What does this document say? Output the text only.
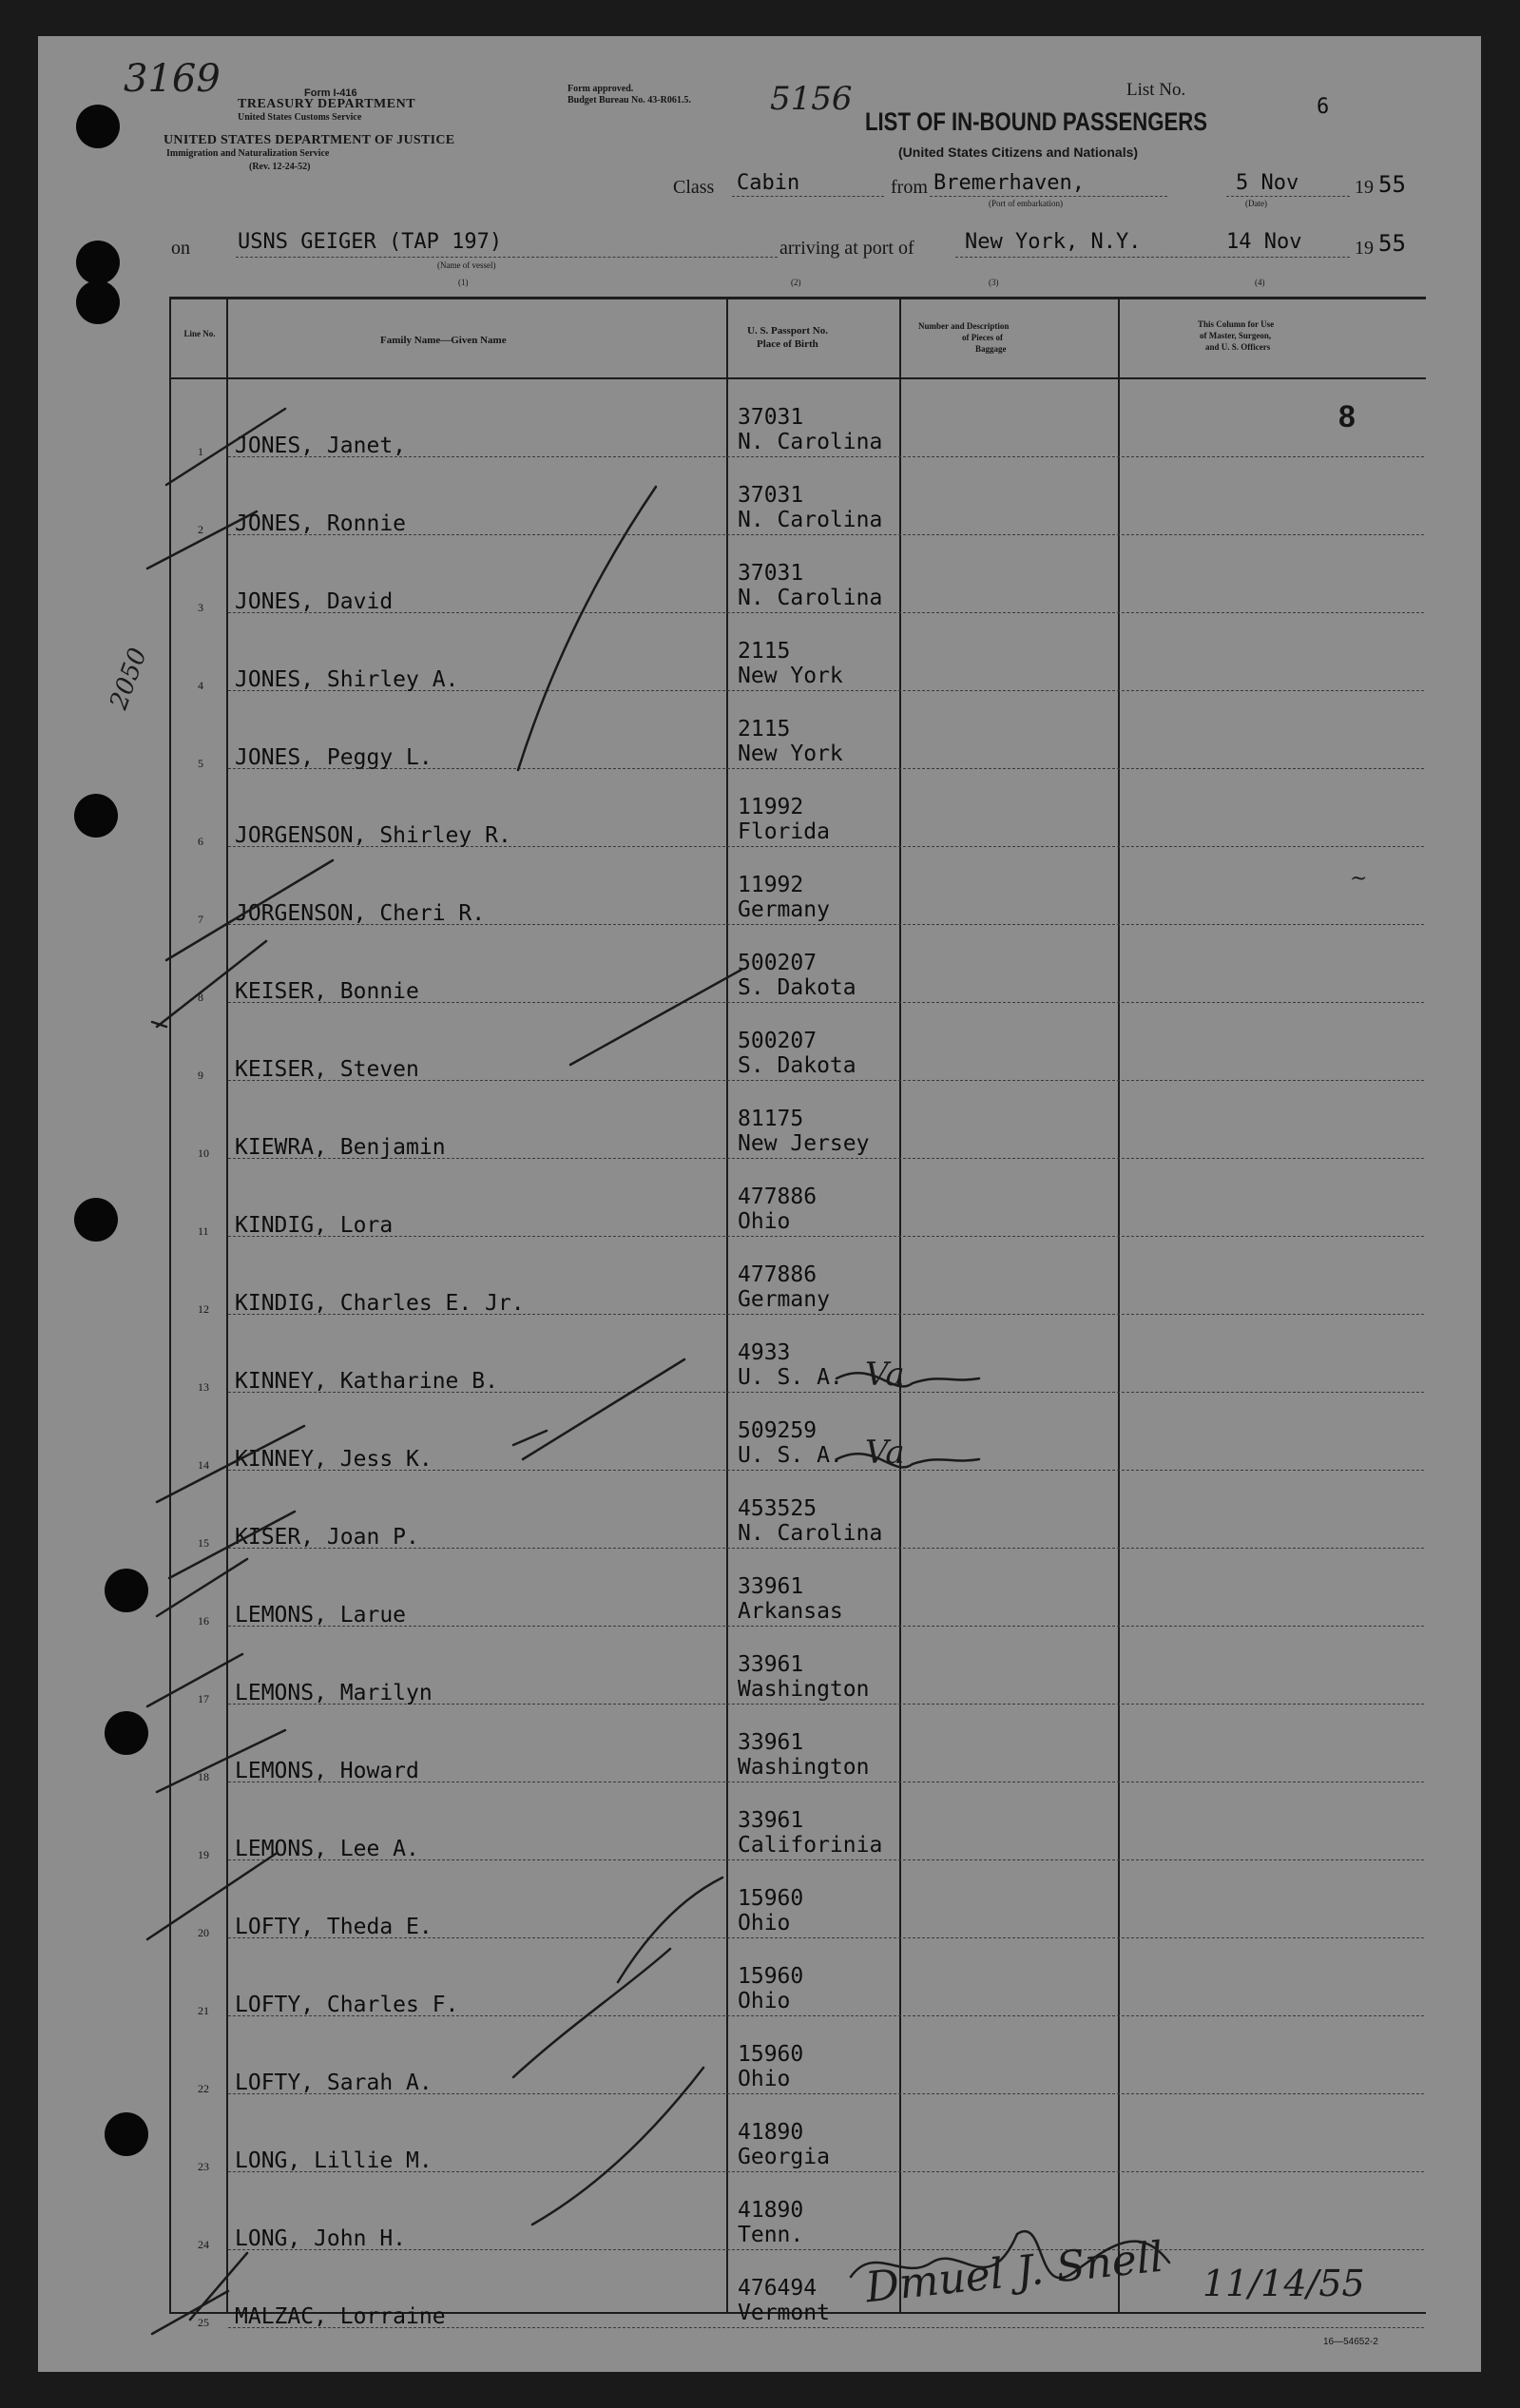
Form I-416
TREASURY DEPARTMENT
United States Customs Service
UNITED STATES DEPARTMENT OF JUSTICE
Immigration and Naturalization Service
(Rev. 12-24-52)
Form approved.
Budget Bureau No. 43-R061.5.
3169	5156
2050
~
List No.
6
LIST OF IN-BOUND PASSENGERS
(United States Citizens and Nationals)
Class Cabin	from Bremerhaven,
(Port of embarkation)
5 Nov
(Date)
19 55
on USNS GEIGER (TAP 197)
(Name of vessel)
arriving at port of New York, N.Y.	14 Nov	19 55
(1)	(2)	(3)	(4)
Line No.
Family Name—Given Name
U. S. Passport No.
Place of Birth
Number and Description
of Pieces of
Baggage
This Column for Use
of Master, Surgeon,
and U. S. Officers
8
1 JONES, Janet,
37031
N. Carolina
2 JONES, Ronnie
37031
N. Carolina
3 JONES, David
37031
N. Carolina
4 JONES, Shirley A.
2115
New York
5 JONES, Peggy L.
2115
New York
6 JORGENSON, Shirley R.
11992
Florida
7 JORGENSON, Cheri R.
11992
Germany
8 KEISER, Bonnie
500207
S. Dakota
9 KEISER, Steven
500207
S. Dakota
10 KIEWRA, Benjamin
81175
New Jersey
11 KINDIG, Lora
477886
Ohio
12 KINDIG, Charles E. Jr.
477886
Germany
13 KINNEY, Katharine B.
4933
U. S. A. Va
14 KINNEY, Jess K.
509259
U. S. A. Va
15 KISER, Joan P.
453525
N. Carolina
16 LEMONS, Larue
33961
Arkansas
17 LEMONS, Marilyn
33961
Washington
18 LEMONS, Howard
33961
Washington
19 LEMONS, Lee A.
33961
Califorinia
20 LOFTY, Theda E.
15960
Ohio
21 LOFTY, Charles F.
15960
Ohio
22 LOFTY, Sarah A.
15960
Ohio
23 LONG, Lillie M.
41890
Georgia
24 LONG, John H.
41890
Tenn.
25 MALZAC, Lorraine
476494
Vermont
Dmuel J. Snell 11/14/55
16—54652-2
